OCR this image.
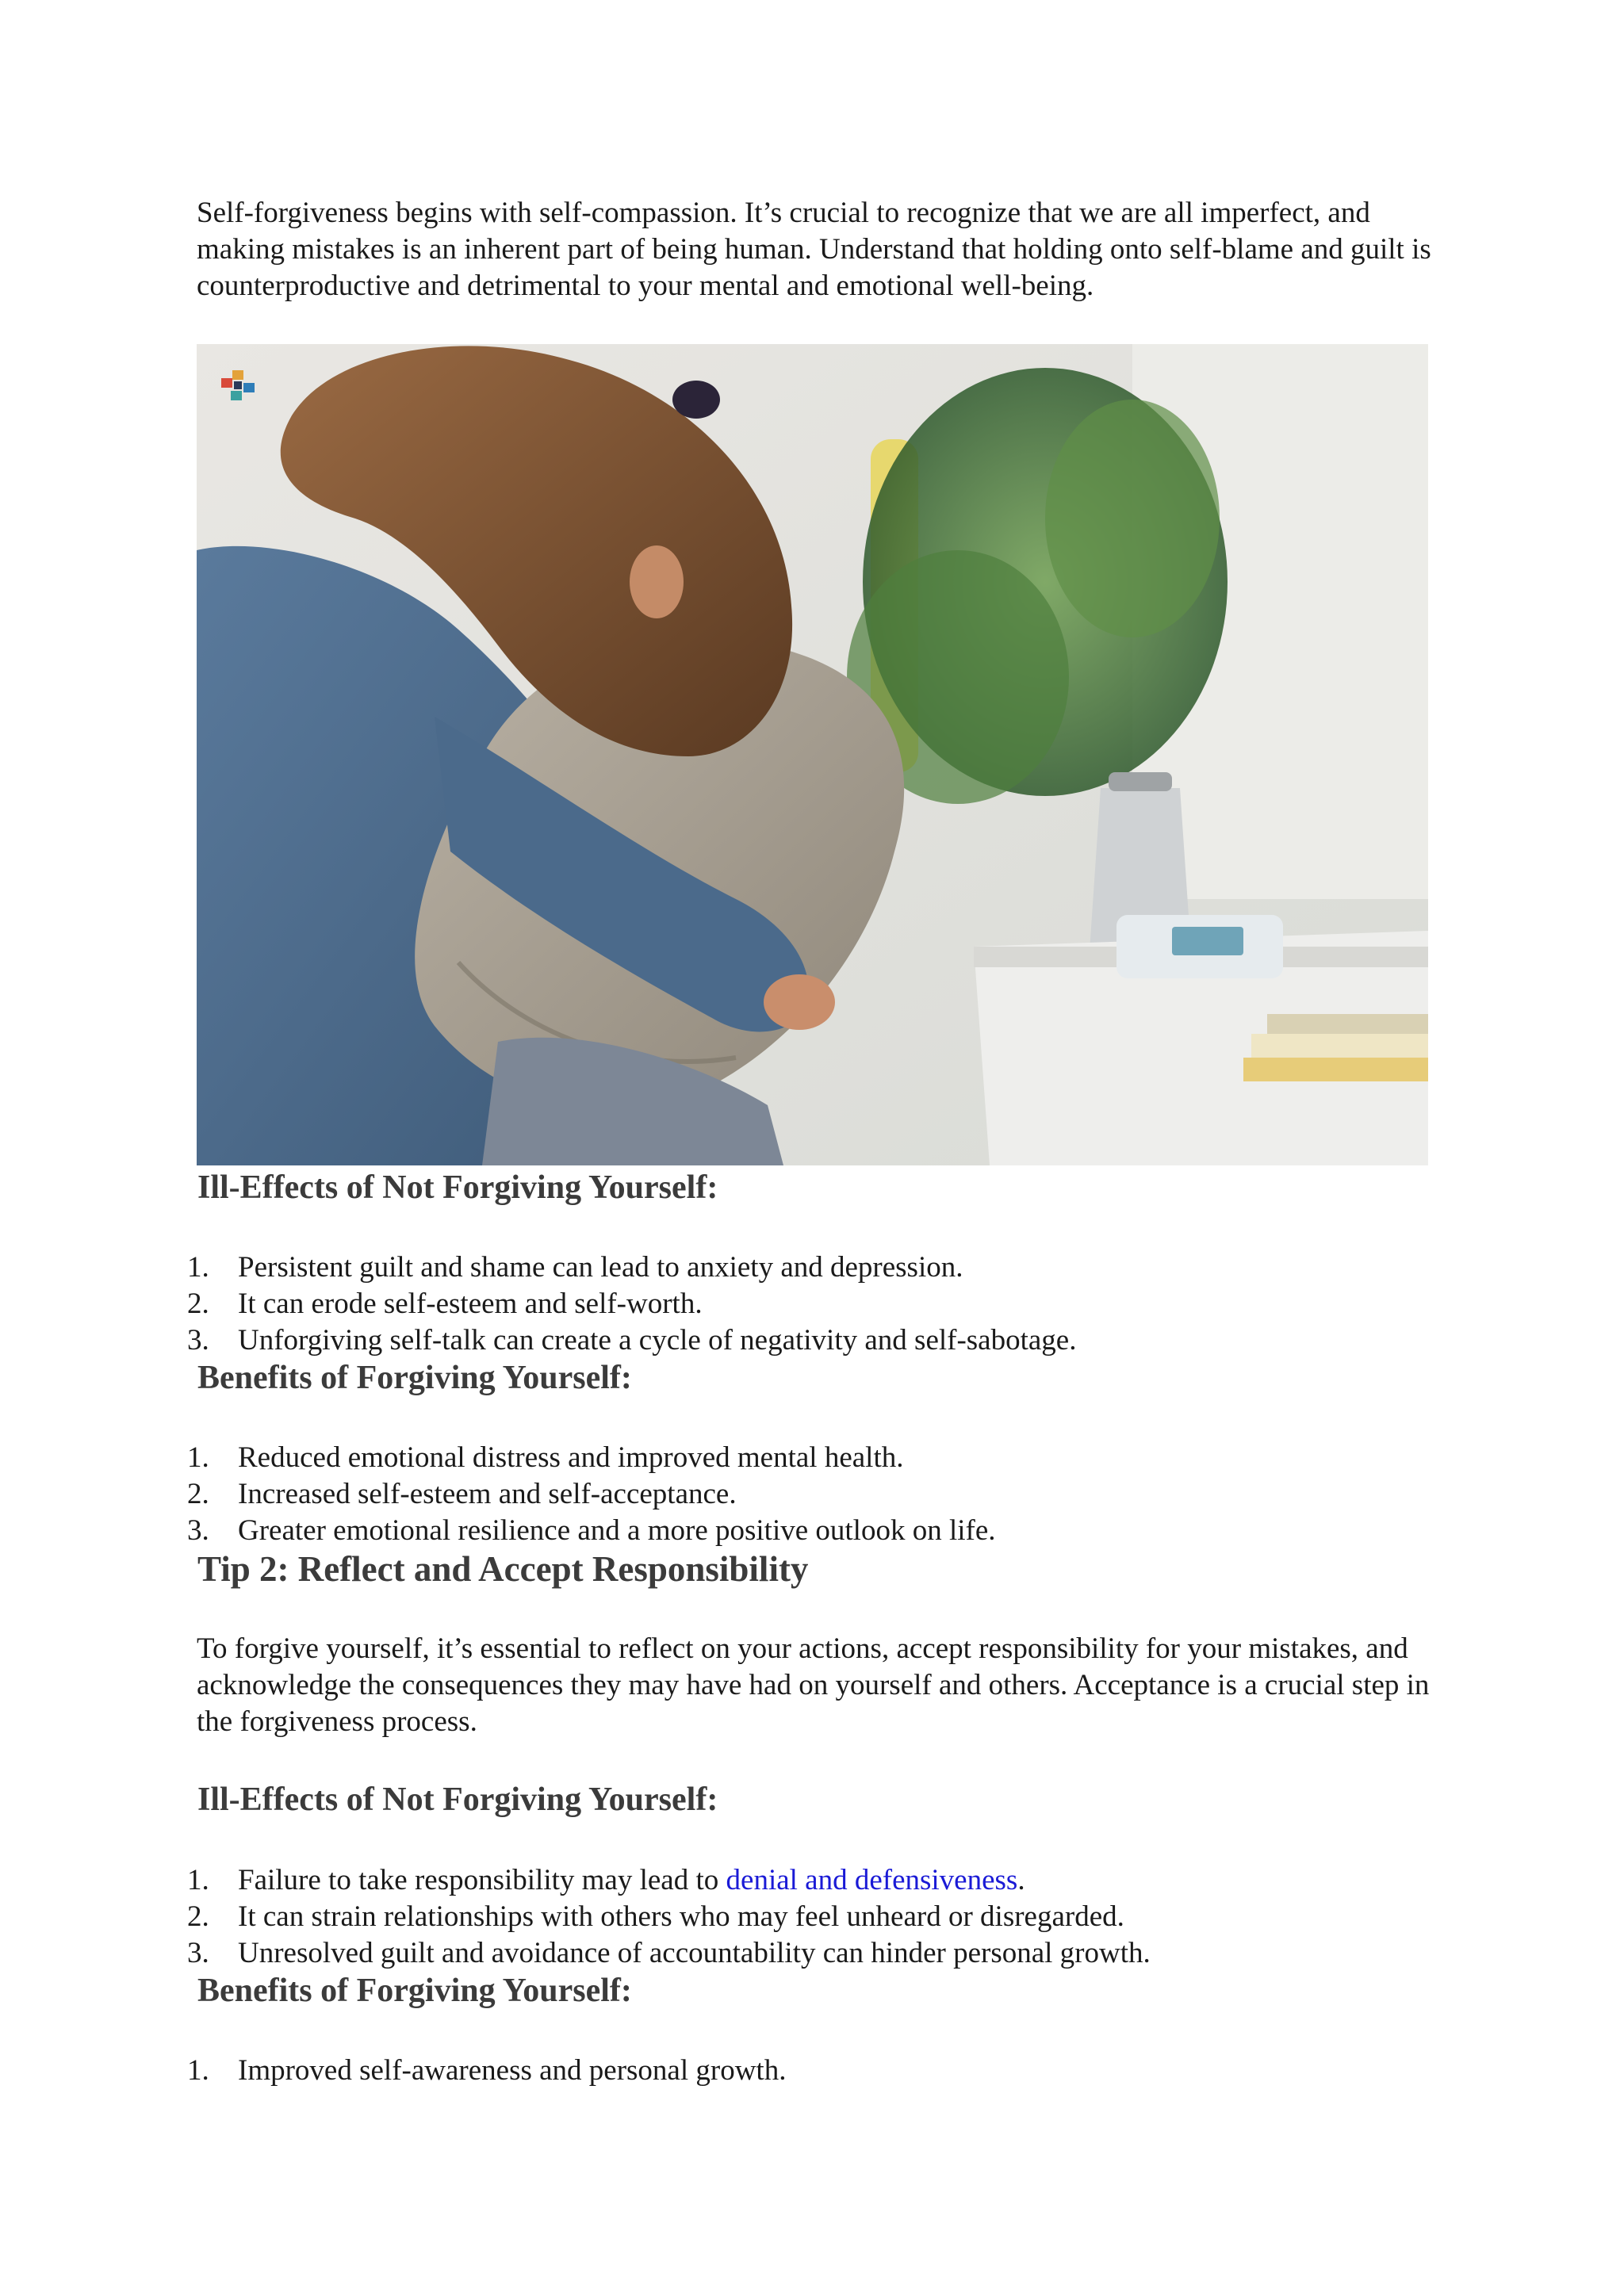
Self-forgiveness begins with self-compassion. It’s crucial to recognize that we are all imperfect, and making mistakes is an inherent part of being human. Understand that holding onto self-blame and guilt is counterproductive and detrimental to your mental and emotional well-being.

Ill-Effects of Not Forgiving Yourself:
1. Persistent guilt and shame can lead to anxiety and depression.
2. It can erode self-esteem and self-worth.
3. Unforgiving self-talk can create a cycle of negativity and self-sabotage.
Benefits of Forgiving Yourself:
1. Reduced emotional distress and improved mental health.
2. Increased self-esteem and self-acceptance.
3. Greater emotional resilience and a more positive outlook on life.
Tip 2: Reflect and Accept Responsibility

To forgive yourself, it’s essential to reflect on your actions, accept responsibility for your mistakes, and acknowledge the consequences they may have had on yourself and others. Acceptance is a crucial step in the forgiveness process.

Ill-Effects of Not Forgiving Yourself:
1. Failure to take responsibility may lead to denial and defensiveness.
2. It can strain relationships with others who may feel unheard or disregarded.
3. Unresolved guilt and avoidance of accountability can hinder personal growth.
Benefits of Forgiving Yourself:
1. Improved self-awareness and personal growth.
